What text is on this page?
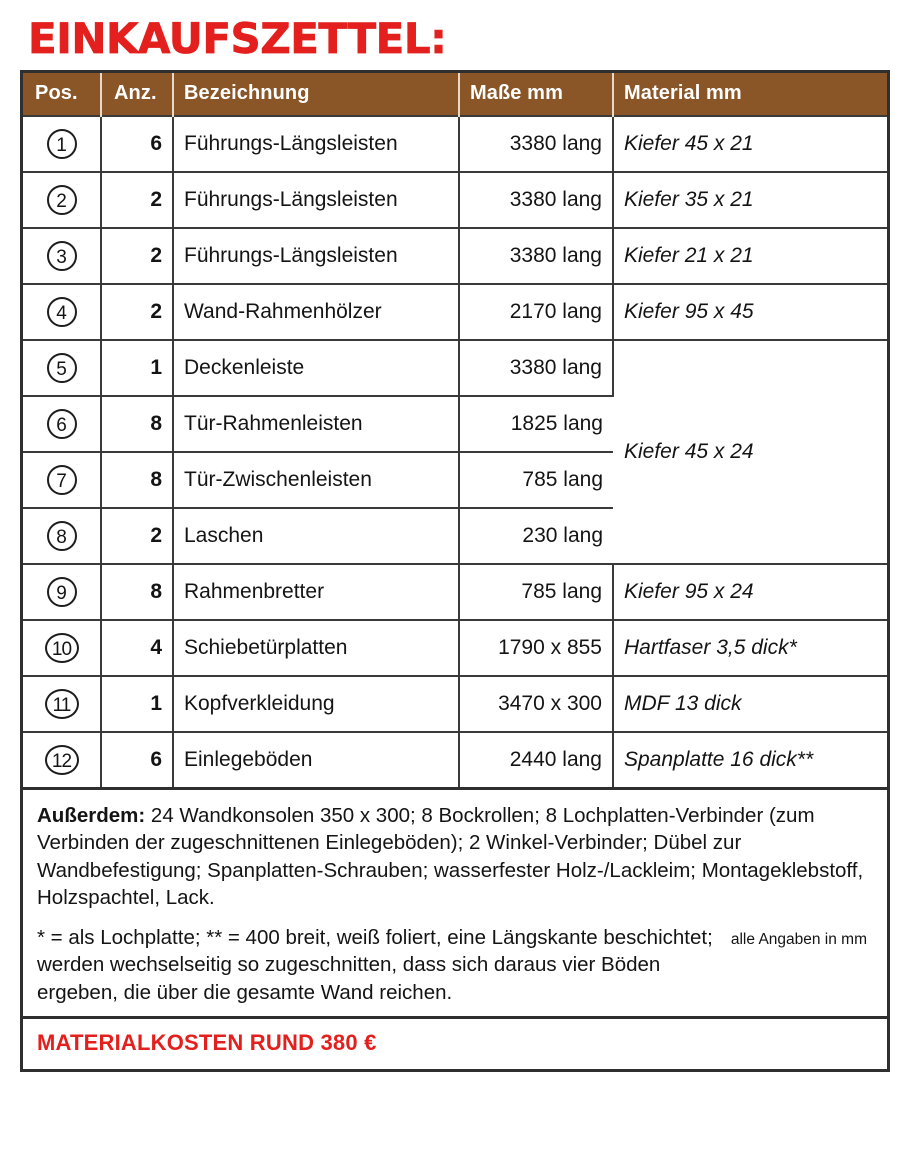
EINKAUFSZETTEL:
Pos.	Anz.	Bezeichnung	Maße mm	Material mm
1	6	Führungs-Längsleisten	3380 lang	Kiefer 45 x 21
2	2	Führungs-Längsleisten	3380 lang	Kiefer 35 x 21
3	2	Führungs-Längsleisten	3380 lang	Kiefer 21 x 21
4	2	Wand-Rahmenhölzer	2170 lang	Kiefer 95 x 45
5	1	Deckenleiste	3380 lang	Kiefer 45 x 24
6	8	Tür-Rahmenleisten	1825 lang	
7	8	Tür-Zwischenleisten	785 lang	
8	2	Laschen	230 lang	
9	8	Rahmenbretter	785 lang	Kiefer 95 x 24
10	4	Schiebetürplatten	1790 x 855	Hartfaser 3,5 dick*
11	1	Kopfverkleidung	3470 x 300	MDF 13 dick
12	6	Einlegeböden	2440 lang	Spanplatte 16 dick**

Außerdem: 24 Wandkonsolen 350 x 300; 8 Bockrollen; 8 Lochplatten-Verbinder (zum Verbinden der zugeschnittenen Einlegeböden); 2 Winkel-Verbinder; Dübel zur Wandbefestigung; Spanplatten-Schrauben; wasserfester Holz-/Lackleim; Montageklebstoff, Holzspachtel, Lack.

* = als Lochplatte; ** = 400 breit, weiß foliert, eine Längskante beschichtet; werden wechselseitig so zugeschnitten, dass sich daraus vier Böden ergeben, die über die gesamte Wand reichen.
alle Angaben in mm

MATERIALKOSTEN RUND 380 €
